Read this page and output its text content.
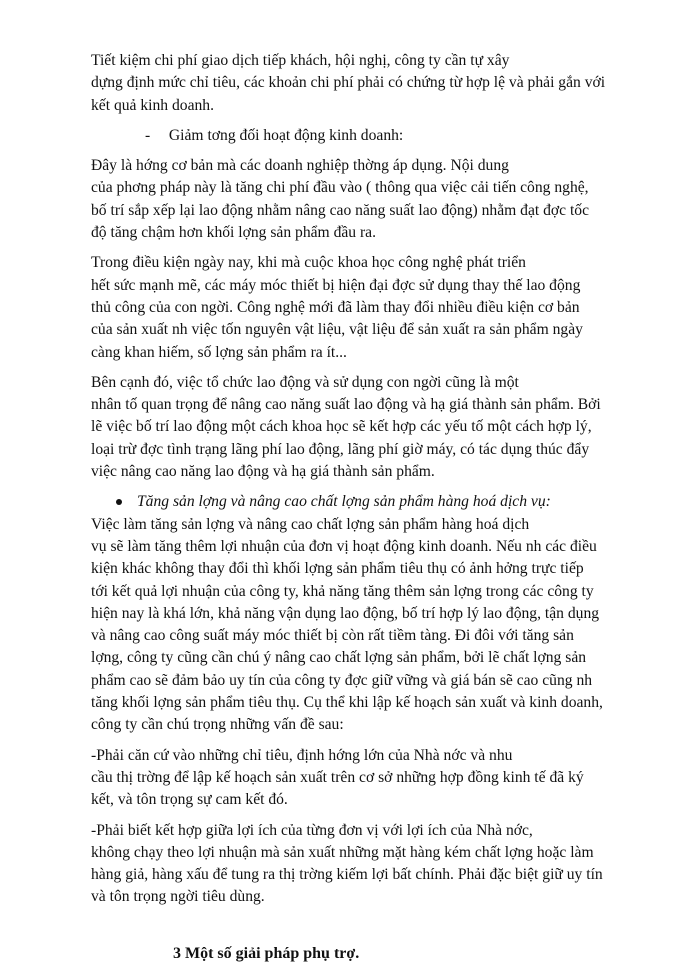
Tiết kiệm chi phí giao dịch tiếp khách, hội nghị, công ty cần tự xây
dựng định mức chỉ tiêu, các khoản chi phí phải có chứng từ hợp lệ và phải gắn với
kết quả kinh doanh.
- Giảm tơng đối hoạt động kinh doanh:
Đây là hớng cơ bản mà các doanh nghiệp thờng áp dụng. Nội dung
của phơng pháp này là tăng chi phí đầu vào ( thông qua việc cải tiến công nghệ,
bố trí sắp xếp lại lao động nhằm nâng cao năng suất lao động) nhằm đạt đợc tốc
độ tăng chậm hơn khối lợng sản phẩm đầu ra.
Trong điều kiện ngày nay, khi mà cuộc khoa học công nghệ phát triển
hết sức mạnh mẽ, các máy móc thiết bị hiện đại đợc sử dụng thay thế lao động
thủ công của con ngời. Công nghệ mới đã làm thay đổi nhiều điều kiện cơ bản
của sản xuất nh việc tốn nguyên vật liệu, vật liệu để sản xuất ra sản phẩm ngày
càng khan hiếm, số lợng sản phẩm ra ít...
Bên cạnh đó, việc tổ chức lao động và sử dụng con ngời cũng là một
nhân tố quan trọng để nâng cao năng suất lao động và hạ giá thành sản phẩm. Bởi
lẽ việc bố trí lao động một cách khoa học sẽ kết hợp các yếu tố một cách hợp lý,
loại trừ đợc tình trạng lãng phí lao động, lãng phí giờ máy, có tác dụng thúc đẩy
việc nâng cao năng lao động và hạ giá thành sản phẩm.
Tăng sản lợng và nâng cao chất lợng sản phẩm hàng hoá dịch vụ:
Việc làm tăng sản lợng và nâng cao chất lợng sản phẩm hàng hoá dịch
vụ sẽ làm tăng thêm lợi nhuận của đơn vị hoạt động kinh doanh. Nếu nh các điều
kiện khác không thay đổi thì khối lợng sản phẩm tiêu thụ có ảnh hởng trực tiếp
tới kết quả lợi nhuận của công ty, khả năng tăng thêm sản lợng trong các công ty
hiện nay là khá lớn, khả năng vận dụng lao động, bố trí hợp lý lao động, tận dụng
và nâng cao công suất máy móc thiết bị còn rất tiềm tàng. Đi đôi với tăng sản
lợng, công ty cũng cần chú ý nâng cao chất lợng sản phẩm, bởi lẽ chất lợng sản
phẩm cao sẽ đảm bảo uy tín của công ty đợc giữ vững và giá bán sẽ cao cũng nh
tăng khối lợng sản phẩm tiêu thụ. Cụ thể khi lập kế hoạch sản xuất và kinh doanh,
công ty cần chú trọng những vấn đề sau:
-Phải căn cứ vào những chỉ tiêu, định hớng lớn của Nhà nớc và nhu
cầu thị trờng để lập kế hoạch sản xuất trên cơ sở những hợp đồng kinh tế đã ký
kết, và tôn trọng sự cam kết đó.
-Phải biết kết hợp giữa lợi ích của từng đơn vị với lợi ích của Nhà nớc,
không chạy theo lợi nhuận mà sản xuất những mặt hàng kém chất lợng hoặc làm
hàng giả, hàng xấu để tung ra thị trờng kiếm lợi bất chính. Phải đặc biệt giữ uy tín
và tôn trọng ngời tiêu dùng.
3 Một số giải pháp phụ trợ.
